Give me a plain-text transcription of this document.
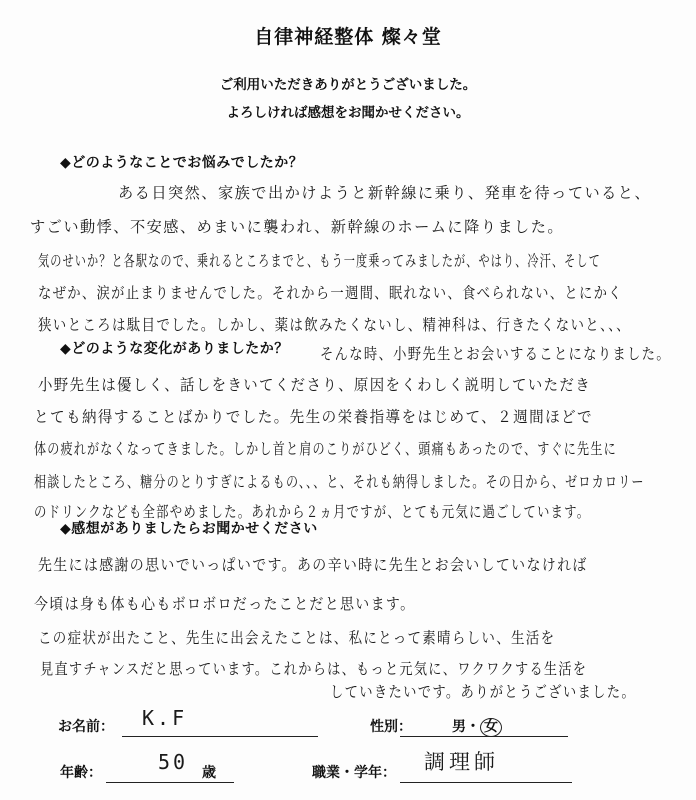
自律神経整体 燦々堂
ご利用いただきありがとうございました。
よろしければ感想をお聞かせください。
◆どのようなことでお悩みでしたか？
ある日突然、家族で出かけようと新幹線に乗り、発車を待っていると、
すごい動悸、不安感、めまいに襲われ、新幹線のホームに降りました。
気のせいか？と各駅なので、乗れるところまでと、もう一度乗ってみましたが、やはり、冷汗、そして
なぜか、涙が止まりませんでした。それから一週間、眠れない、食べられない、とにかく
狭いところは駄目でした。しかし、薬は飲みたくないし、精神科は、行きたくないと、、、
そんな時、小野先生とお会いすることになりました。
◆どのような変化がありましたか？
小野先生は優しく、話しをきいてくださり、原因をくわしく説明していただき
とても納得することばかりでした。先生の栄養指導をはじめて、２週間ほどで
体の疲れがなくなってきました。しかし首と肩のこりがひどく、頭痛もあったので、すぐに先生に
相談したところ、糖分のとりすぎによるもの、、、と、それも納得しました。その日から、ゼロカロリー
のドリンクなども全部やめました。あれから２ヵ月ですが、とても元気に過ごしています。
◆感想がありましたらお聞かせください
先生には感謝の思いでいっぱいです。あの辛い時に先生とお会いしていなければ
今頃は身も体も心もボロボロだったことだと思います。
この症状が出たこと、先生に出会えたことは、私にとって素晴らしい、生活を
見直すチャンスだと思っています。これからは、もっと元気に、ワクワクする生活を
していきたいです。ありがとうございました。
お名前： K.F	性別：	男・ 女
年齢：	50 歳	職業・学年： 調理師
